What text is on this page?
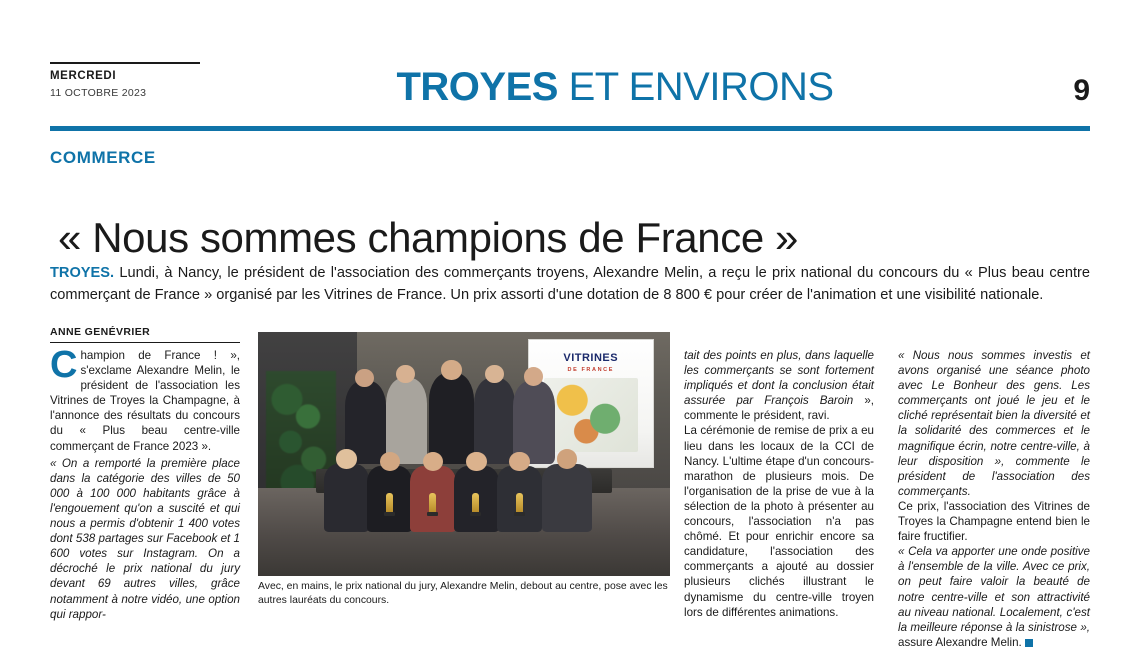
MERCREDI
11 OCTOBRE 2023	TROYES ET ENVIRONS	9
COMMERCE
« Nous sommes champions de France »
TROYES. Lundi, à Nancy, le président de l'association des commerçants troyens, Alexandre Melin, a reçu le prix national du concours du « Plus beau centre commerçant de France » organisé par les Vitrines de France. Un prix assorti d'une dotation de 8 800 € pour créer de l'animation et une visibilité nationale.
ANNE GENÉVRIER

Champion de France ! », s'exclame Alexandre Melin, le président de l'association les Vitrines de Troyes la Champagne, à l'annonce des résultats du concours du « Plus beau centre-ville commerçant de France 2023 ».

« On a remporté la première place dans la catégorie des villes de 50 000 à 100 000 habitants grâce à l'engouement qu'on a suscité et qui nous a permis d'obtenir 1 400 votes dont 538 partages sur Facebook et 1 600 votes sur Instagram. On a décroché le prix national du jury devant 69 autres villes, grâce notamment à notre vidéo, une option qui rappor-

VITRINES
DE FRANCE
Avec, en mains, le prix national du jury, Alexandre Melin, debout au centre, pose avec les autres lauréats du concours.

tait des points en plus, dans laquelle les commerçants se sont fortement impliqués et dont la conclusion était assurée par François Baroin », commente le président, ravi.

La cérémonie de remise de prix a eu lieu dans les locaux de la CCI de Nancy. L'ultime étape d'un concours-marathon de plusieurs mois. De l'organisation de la prise de vue à la sélection de la photo à présenter au concours, l'association n'a pas chômé. Et pour enrichir encore sa candidature, l'association des commerçants a ajouté au dossier plusieurs clichés illustrant le dynamisme du centre-ville troyen lors de différentes animations.

« Nous nous sommes investis et avons organisé une séance photo avec Le Bonheur des gens. Les commerçants ont joué le jeu et le cliché représentait bien la diversité et la solidarité des commerces et le magnifique écrin, notre centre-ville, à leur disposition », commente le président de l'association des commerçants.

Ce prix, l'association des Vitrines de Troyes la Champagne entend bien le faire fructifier.

« Cela va apporter une onde positive à l'ensemble de la ville. Avec ce prix, on peut faire valoir la beauté de notre centre-ville et son attractivité au niveau national. Localement, c'est la meilleure réponse à la sinistrose », assure Alexandre Melin.
